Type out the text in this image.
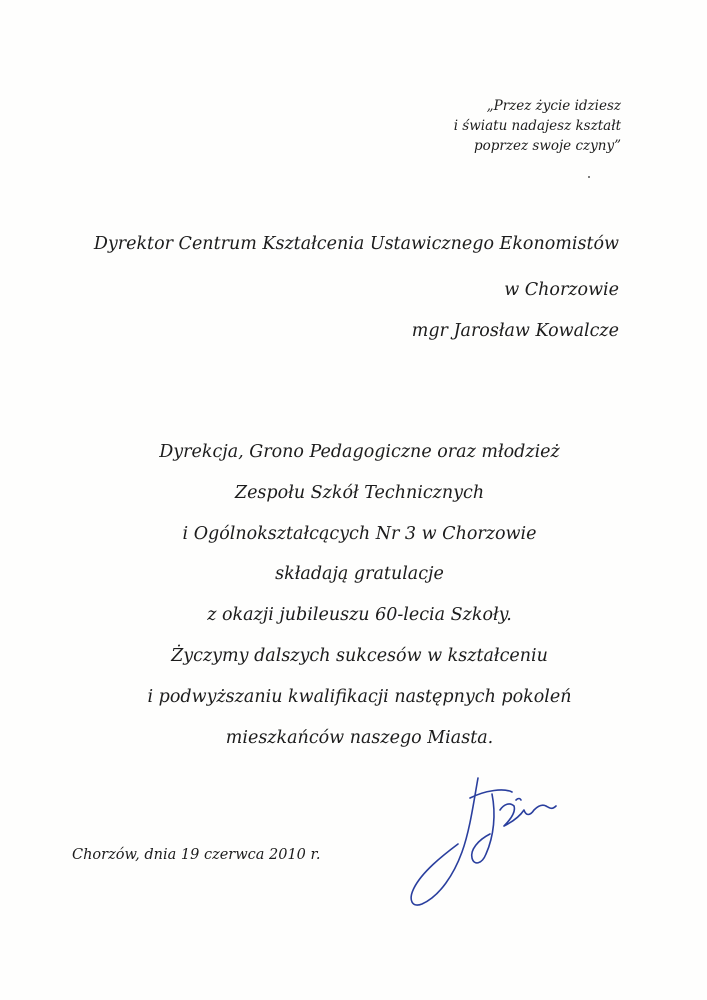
„Przez życie idziesz
i światu nadajesz kształt
poprzez swoje czyny”
Dyrektor Centrum Kształcenia Ustawicznego Ekonomistów
w Chorzowie
mgr Jarosław Kowalcze
Dyrekcja, Grono Pedagogiczne oraz młodzież
Zespołu Szkół Technicznych
i Ogólnokształcących Nr 3 w Chorzowie
składają gratulacje
z okazji jubileuszu 60-lecia Szkoły.
Życzymy dalszych sukcesów w kształceniu
i podwyższaniu kwalifikacji następnych pokoleń
mieszkańców naszego Miasta.
Chorzów, dnia 19 czerwca 2010 r.
